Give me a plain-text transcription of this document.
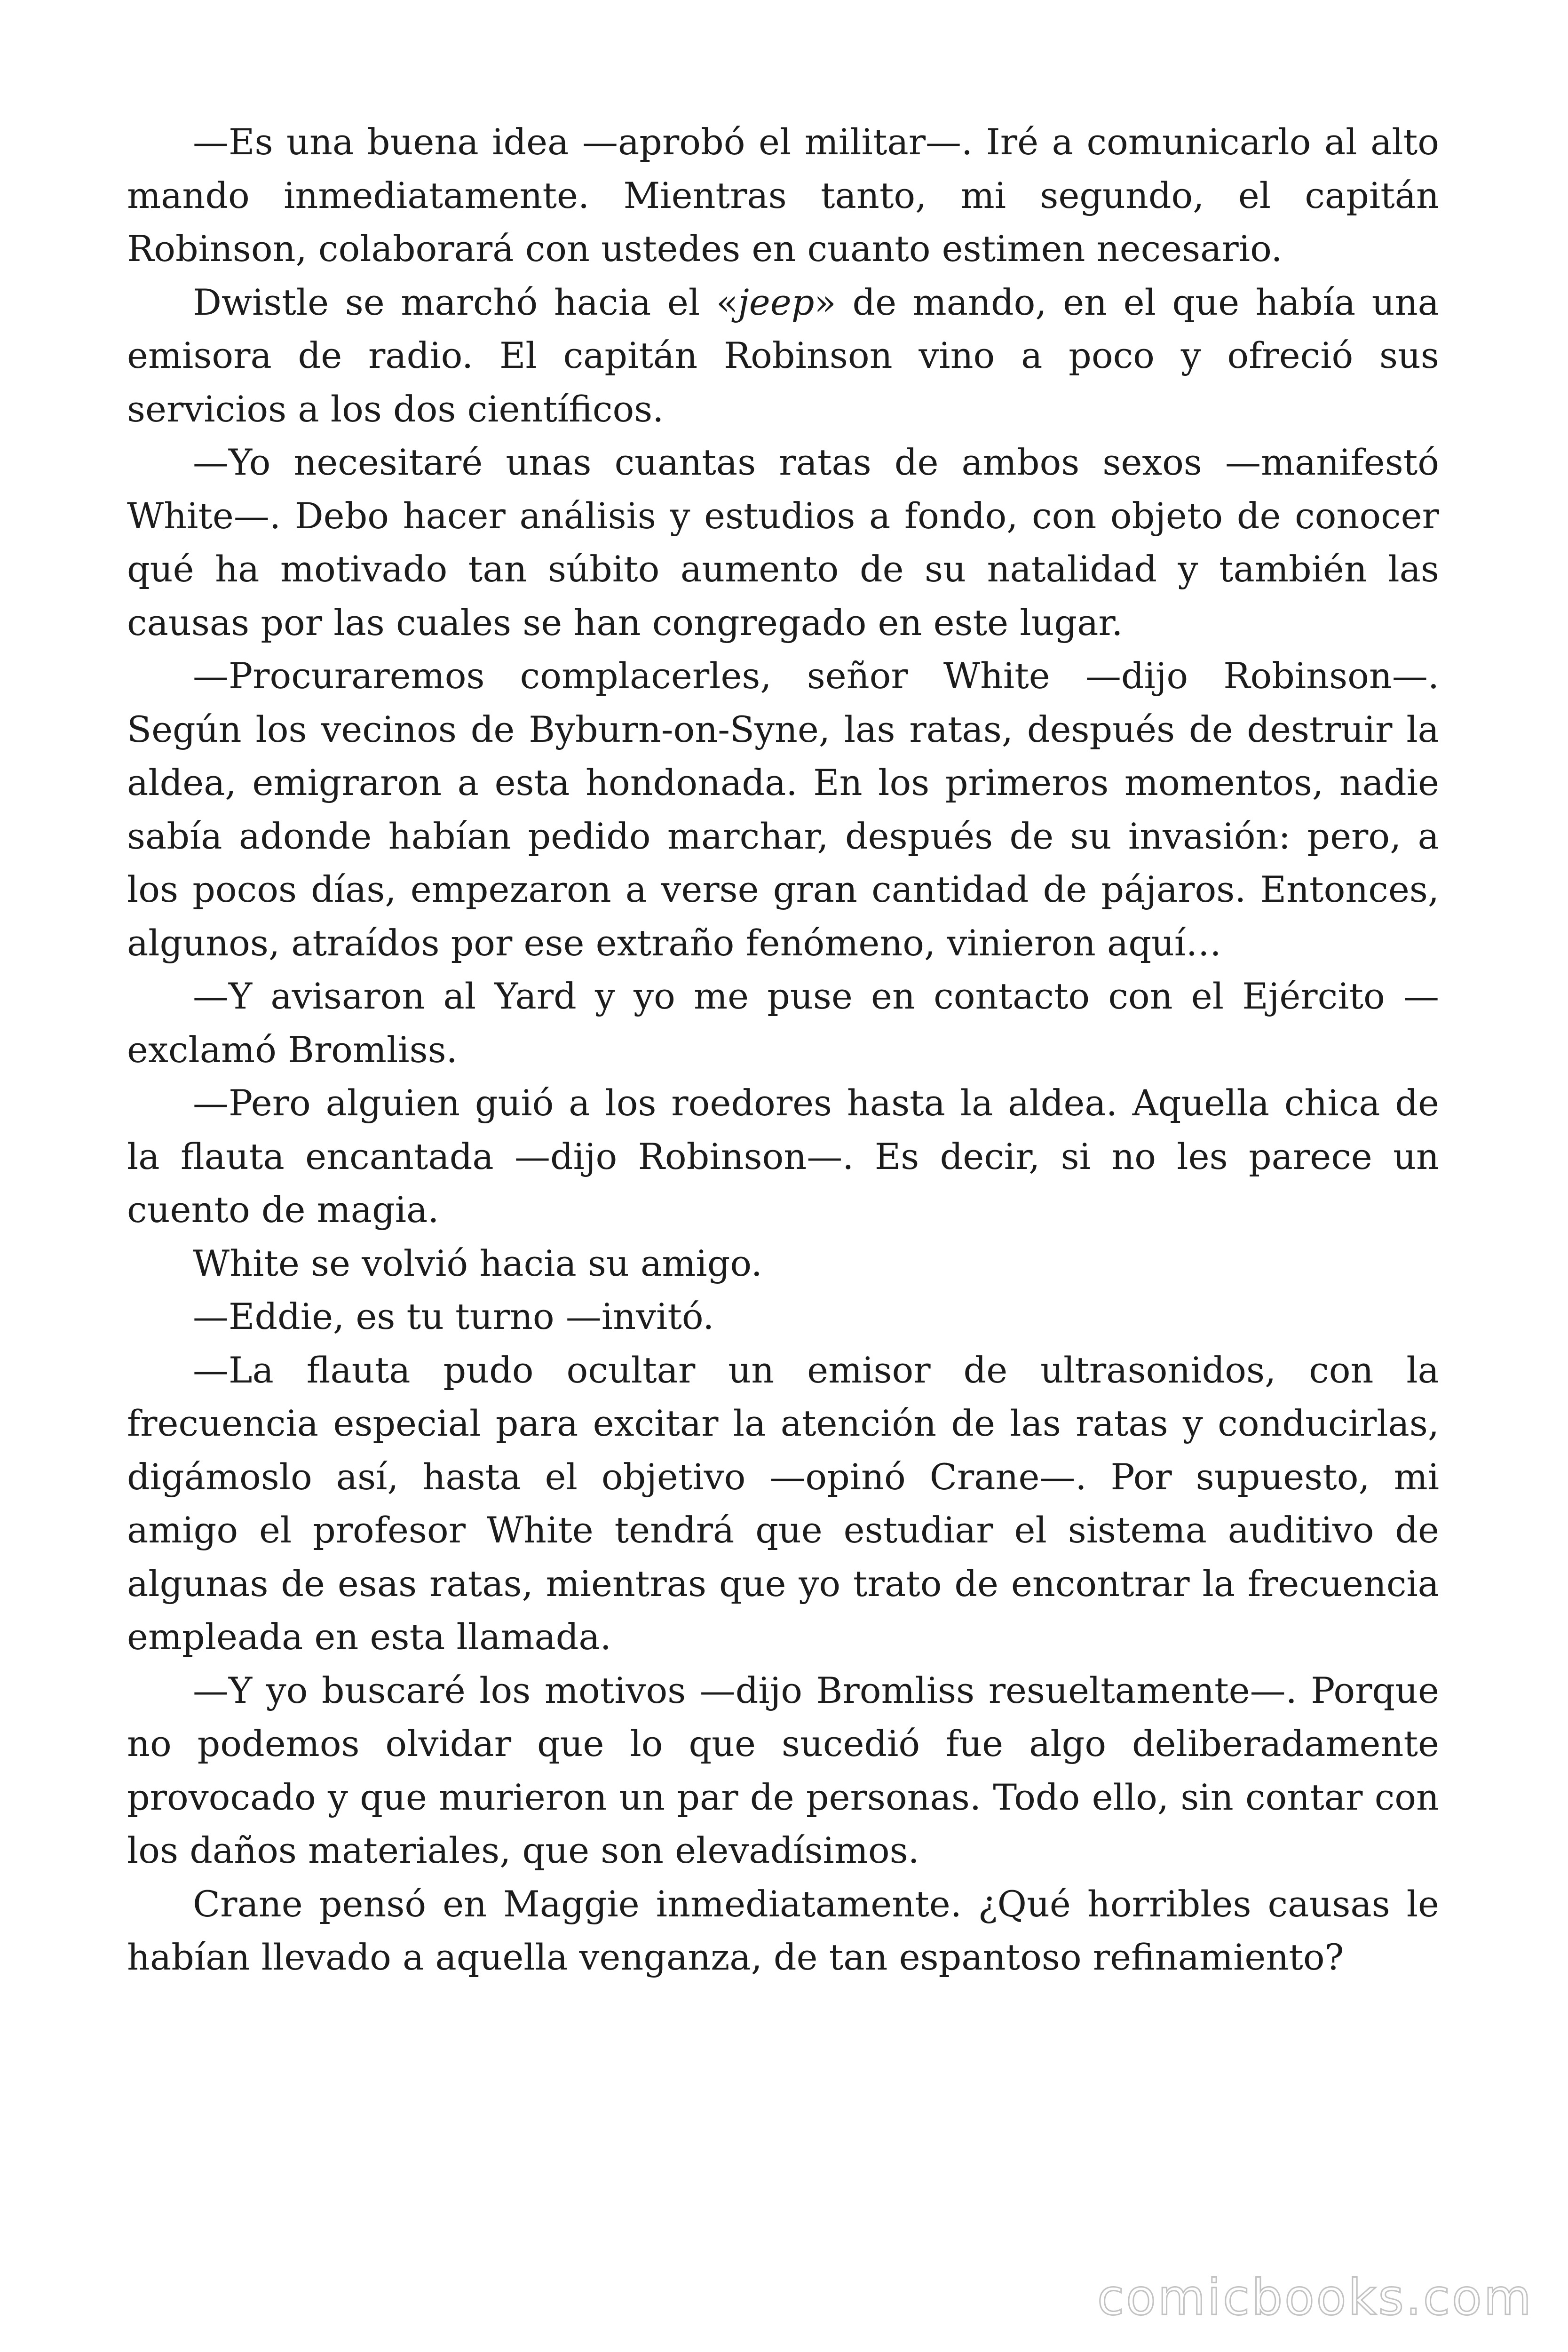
—Es una buena idea —aprobó el militar—. Iré a comunicarlo al alto mando inmediatamente. Mientras tanto, mi segundo, el capitán Robinson, colaborará con ustedes en cuanto estimen necesario.

Dwistle se marchó hacia el «jeep» de mando, en el que había una emisora de radio. El capitán Robinson vino a poco y ofreció sus servicios a los dos científicos.

—Yo necesitaré unas cuantas ratas de ambos sexos —manifestó White—. Debo hacer análisis y estudios a fondo, con objeto de conocer qué ha motivado tan súbito aumento de su natalidad y también las causas por las cuales se han congregado en este lugar.

—Procuraremos complacerles, señor White —dijo Robinson—. Según los vecinos de Byburn-on-Syne, las ratas, después de destruir la aldea, emigraron a esta hondonada. En los primeros momentos, nadie sabía adonde habían pedido marchar, después de su invasión: pero, a los pocos días, empezaron a verse gran cantidad de pájaros. Entonces, algunos, atraídos por ese extraño fenómeno, vinieron aquí…

—Y avisaron al Yard y yo me puse en contacto con el Ejército —exclamó Bromliss.

—Pero alguien guió a los roedores hasta la aldea. Aquella chica de la flauta encantada —dijo Robinson—. Es decir, si no les parece un cuento de magia.

White se volvió hacia su amigo.

—Eddie, es tu turno —invitó.

—La flauta pudo ocultar un emisor de ultrasonidos, con la frecuencia especial para excitar la atención de las ratas y conducirlas, digámoslo así, hasta el objetivo —opinó Crane—. Por supuesto, mi amigo el profesor White tendrá que estudiar el sistema auditivo de algunas de esas ratas, mientras que yo trato de encontrar la frecuencia empleada en esta llamada.

—Y yo buscaré los motivos —dijo Bromliss resueltamente—. Porque no podemos olvidar que lo que sucedió fue algo deliberadamente provocado y que murieron un par de personas. Todo ello, sin contar con los daños materiales, que son elevadísimos.

Crane pensó en Maggie inmediatamente. ¿Qué horribles causas le habían llevado a aquella venganza, de tan espantoso refinamiento?

comicbooks.com
